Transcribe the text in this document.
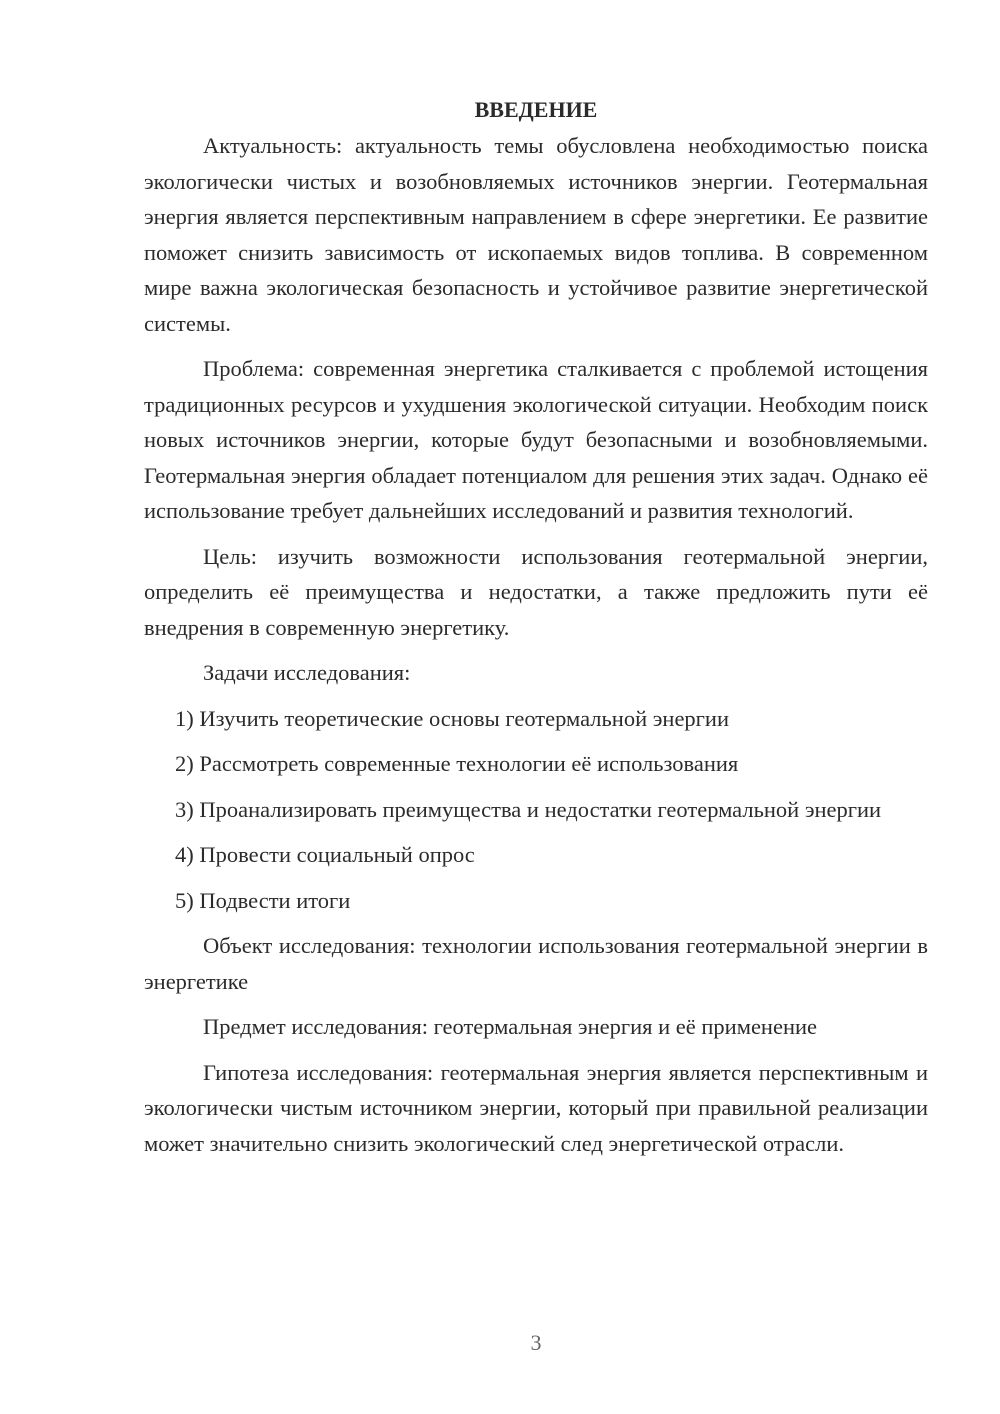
ВВЕДЕНИЕ

Актуальность: актуальность темы обусловлена необходимостью поиска экологически чистых и возобновляемых источников энергии. Геотермальная энергия является перспективным направлением в сфере энергетики. Ее развитие поможет снизить зависимость от ископаемых видов топлива. В современном мире важна экологическая безопасность и устойчивое развитие энергетической системы.

Проблема: современная энергетика сталкивается с проблемой истощения традиционных ресурсов и ухудшения экологической ситуации. Необходим поиск новых источников энергии, которые будут безопасными и возобновляемыми. Геотермальная энергия обладает потенциалом для решения этих задач. Однако её использование требует дальнейших исследований и развития технологий.

Цель: изучить возможности использования геотермальной энергии, определить её преимущества и недостатки, а также предложить пути её внедрения в современную энергетику.

Задачи исследования:

1) Изучить теоретические основы геотермальной энергии

2) Рассмотреть современные технологии её использования

3) Проанализировать преимущества и недостатки геотермальной энергии

4) Провести социальный опрос

5) Подвести итоги

Объект исследования: технологии использования геотермальной энергии в энергетике

Предмет исследования: геотермальная энергия и её применение

Гипотеза исследования: геотермальная энергия является перспективным и экологически чистым источником энергии, который при правильной реализации может значительно снизить экологический след энергетической отрасли.

3
